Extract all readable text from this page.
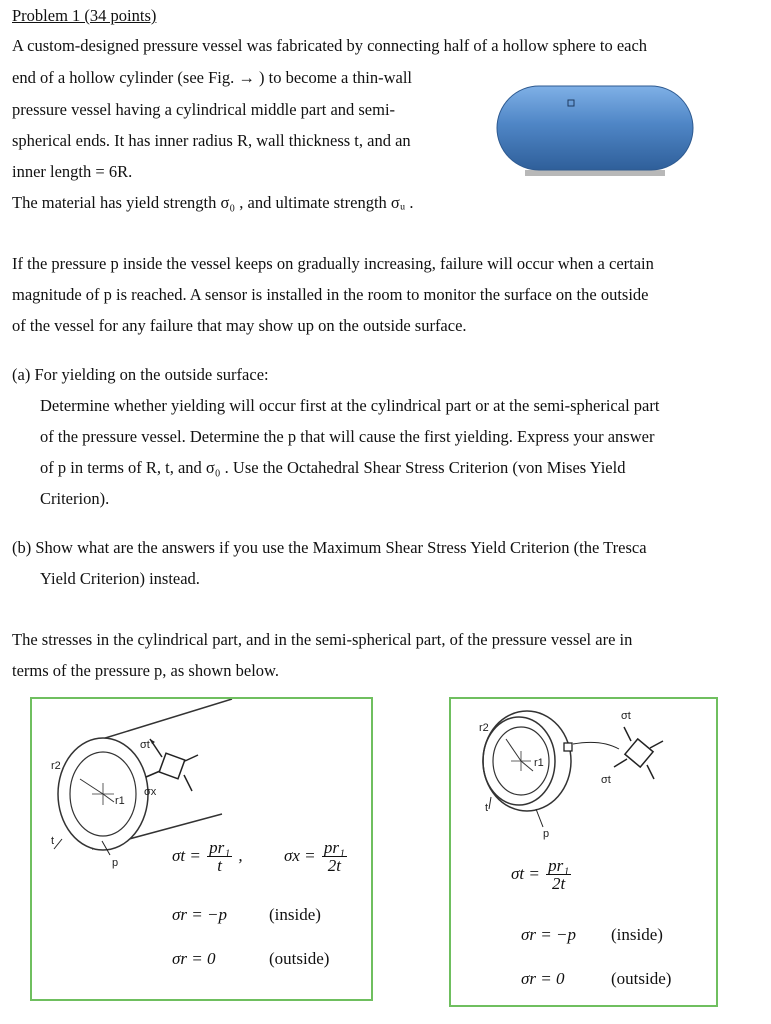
Problem 1 (34 points)
A custom-designed pressure vessel was fabricated by connecting half of a hollow sphere to each
end of a hollow cylinder (see Fig. → ) to become a thin-wall
pressure vessel having a cylindrical middle part and semi-
spherical ends. It has inner radius R, wall thickness t, and an
inner length = 6R.
The material has yield strength σ₀ , and ultimate strength σᵤ .
If the pressure p inside the vessel keeps on gradually increasing, failure will occur when a certain
magnitude of p is reached. A sensor is installed in the room to monitor the surface on the outside
of the vessel for any failure that may show up on the outside surface.
(a) For yielding on the outside surface:
Determine whether yielding will occur first at the cylindrical part or at the semi-spherical part
of the pressure vessel. Determine the p that will cause the first yielding. Express your answer
of p in terms of R, t, and σ₀ . Use the Octahedral Shear Stress Criterion (von Mises Yield
Criterion).
(b) Show what are the answers if you use the Maximum Shear Stress Yield Criterion (the Tresca
Yield Criterion) instead.
The stresses in the cylindrical part, and in the semi-spherical part, of the pressure vessel are in
terms of the pressure p, as shown below.
r2
r1
t
p
σt
σx
$\sigma t = \frac{\text{pr₁}}{t}$ , $\sigma x = \frac{\text{pr₁}}{2t}$
σr = −p (inside)
σr = 0	(outside)
r2
r1
t
p
σt
σt
$\sigma t = \frac{\text{pr₁}}{2t}$
σr = −p (inside)
σr = 0	(outside)
